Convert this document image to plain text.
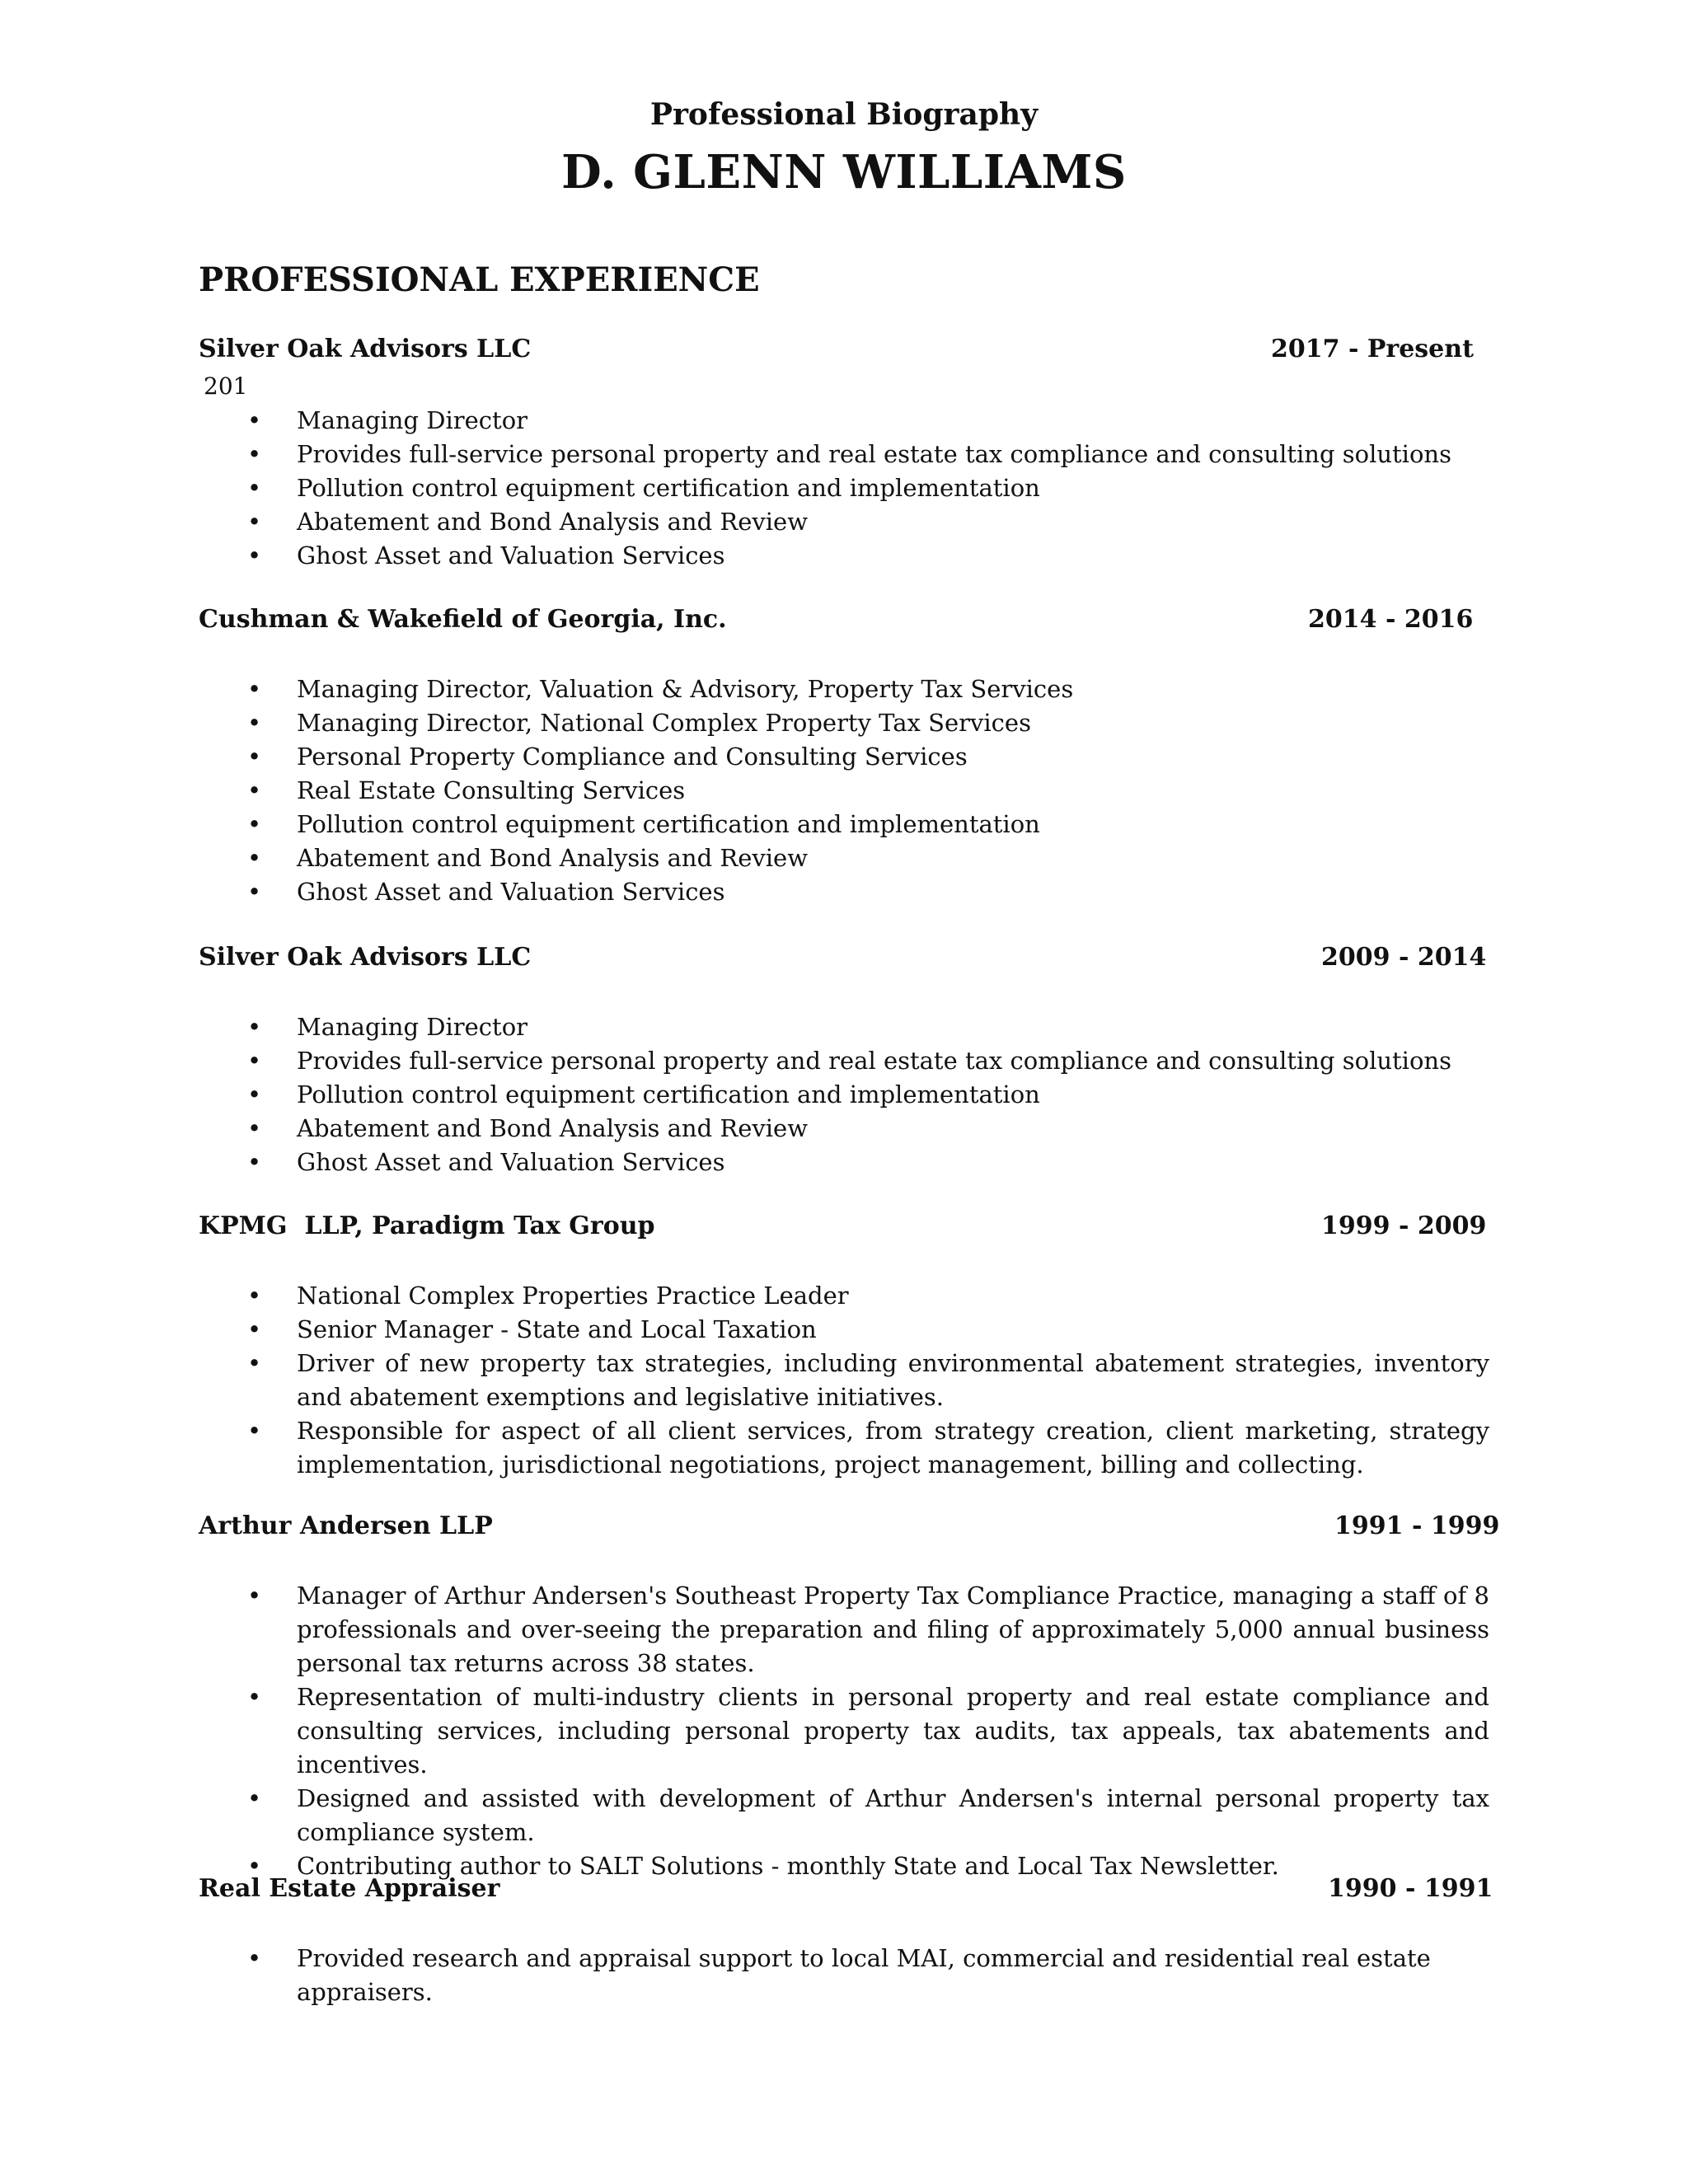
Professional Biography
D. GLENN WILLIAMS
PROFESSIONAL EXPERIENCE
Silver Oak Advisors LLC	2017 - Present
201
• Managing Director
• Provides full-service personal property and real estate tax compliance and consulting solutions
• Pollution control equipment certification and implementation
• Abatement and Bond Analysis and Review
• Ghost Asset and Valuation Services
Cushman & Wakefield of Georgia, Inc.	2014 - 2016
• Managing Director, Valuation & Advisory, Property Tax Services
• Managing Director, National Complex Property Tax Services
• Personal Property Compliance and Consulting Services
• Real Estate Consulting Services
• Pollution control equipment certification and implementation
• Abatement and Bond Analysis and Review
• Ghost Asset and Valuation Services
Silver Oak Advisors LLC	2009 - 2014
• Managing Director
• Provides full-service personal property and real estate tax compliance and consulting solutions
• Pollution control equipment certification and implementation
• Abatement and Bond Analysis and Review
• Ghost Asset and Valuation Services
KPMG  LLP, Paradigm Tax Group	1999 - 2009
• National Complex Properties Practice Leader
• Senior Manager - State and Local Taxation
• Driver of new property tax strategies, including environmental abatement strategies, inventory and abatement exemptions and legislative initiatives.
• Responsible for aspect of all client services, from strategy creation, client marketing, strategy implementation, jurisdictional negotiations, project management, billing and collecting.
Arthur Andersen LLP	1991 - 1999
• Manager of Arthur Andersen's Southeast Property Tax Compliance Practice, managing a staff of 8 professionals and over-seeing the preparation and filing of approximately 5,000 annual business personal tax returns across 38 states.
• Representation of multi-industry clients in personal property and real estate compliance and consulting services, including personal property tax audits, tax appeals, tax abatements and incentives.
• Designed and assisted with development of Arthur Andersen's internal personal property tax compliance system.
• Contributing author to SALT Solutions - monthly State and Local Tax Newsletter.
Real Estate Appraiser	1990 - 1991
• Provided research and appraisal support to local MAI, commercial and residential real estate appraisers.
